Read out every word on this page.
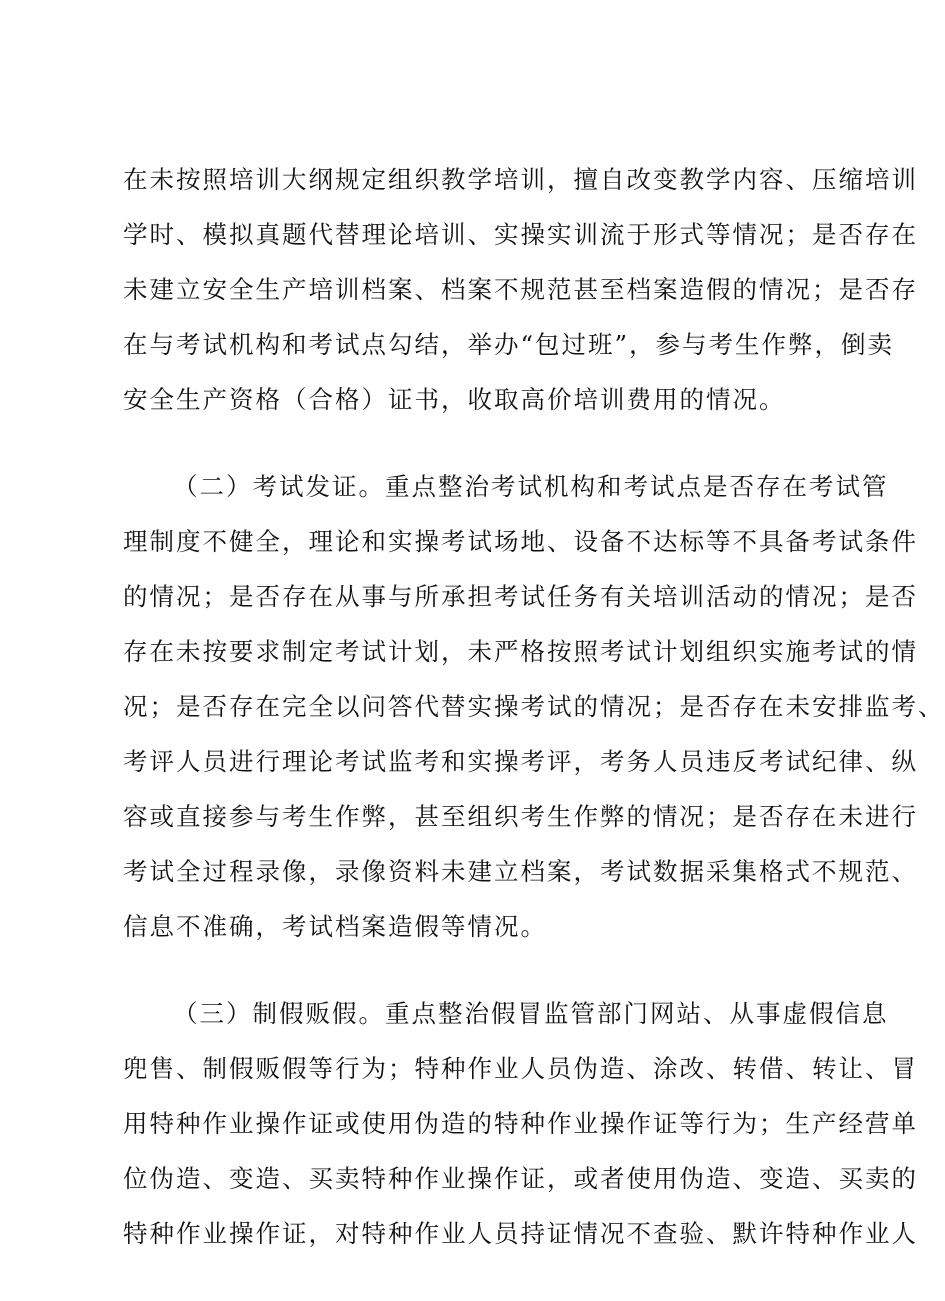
在未按照培训大纲规定组织教学培训，擅自改变教学内容、压缩培训
学时、模拟真题代替理论培训、实操实训流于形式等情况；是否存在
未建立安全生产培训档案、档案不规范甚至档案造假的情况；是否存
在与考试机构和考试点勾结，举办“包过班”，参与考生作弊，倒卖
安全生产资格（合格）证书，收取高价培训费用的情况。
（二）考试发证。重点整治考试机构和考试点是否存在考试管
理制度不健全，理论和实操考试场地、设备不达标等不具备考试条件
的情况；是否存在从事与所承担考试任务有关培训活动的情况；是否
存在未按要求制定考试计划，未严格按照考试计划组织实施考试的情
况；是否存在完全以问答代替实操考试的情况；是否存在未安排监考、
考评人员进行理论考试监考和实操考评，考务人员违反考试纪律、纵
容或直接参与考生作弊，甚至组织考生作弊的情况；是否存在未进行
考试全过程录像，录像资料未建立档案，考试数据采集格式不规范、
信息不准确，考试档案造假等情况。
（三）制假贩假。重点整治假冒监管部门网站、从事虚假信息
兜售、制假贩假等行为；特种作业人员伪造、涂改、转借、转让、冒
用特种作业操作证或使用伪造的特种作业操作证等行为；生产经营单
位伪造、变造、买卖特种作业操作证，或者使用伪造、变造、买卖的
特种作业操作证，对特种作业人员持证情况不查验、默许特种作业人
